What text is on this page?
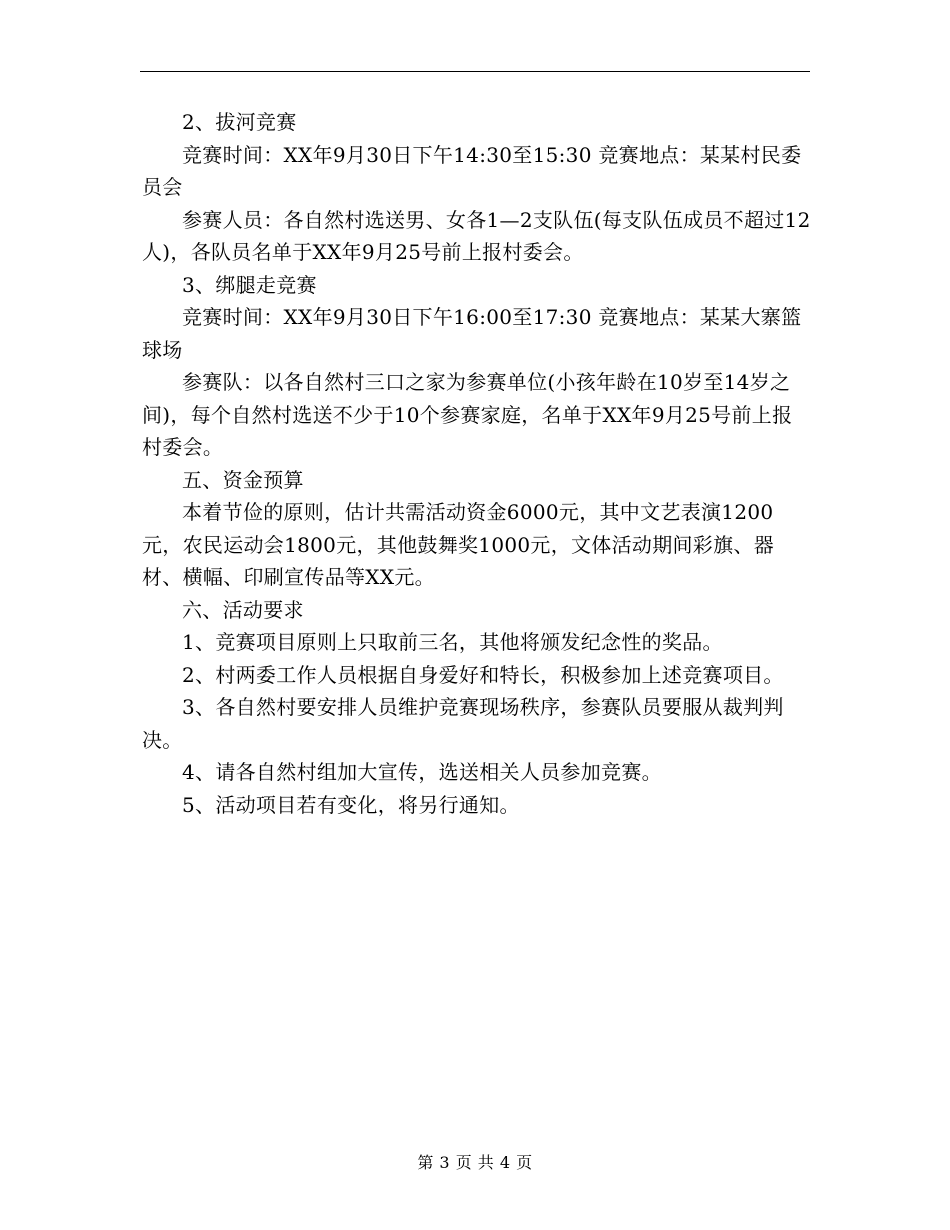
2、拔河竞赛

竞赛时间：XX年9月30日下午14:30至15:30 竞赛地点：某某村民委员会

参赛人员：各自然村选送男、女各1—2支队伍(每支队伍成员不超过12人)，各队员名单于XX年9月25号前上报村委会。

3、绑腿走竞赛

竞赛时间：XX年9月30日下午16:00至17:30 竞赛地点：某某大寨篮球场

参赛队：以各自然村三口之家为参赛单位(小孩年龄在10岁至14岁之间)，每个自然村选送不少于10个参赛家庭，名单于XX年9月25号前上报村委会。

五、资金预算

本着节俭的原则，估计共需活动资金6000元，其中文艺表演1200元，农民运动会1800元，其他鼓舞奖1000元，文体活动期间彩旗、器材、横幅、印刷宣传品等XX元。

六、活动要求

1、竞赛项目原则上只取前三名，其他将颁发纪念性的奖品。

2、村两委工作人员根据自身爱好和特长，积极参加上述竞赛项目。

3、各自然村要安排人员维护竞赛现场秩序，参赛队员要服从裁判判决。

4、请各自然村组加大宣传，选送相关人员参加竞赛。

5、活动项目若有变化，将另行通知。

第 3 页 共 4 页
